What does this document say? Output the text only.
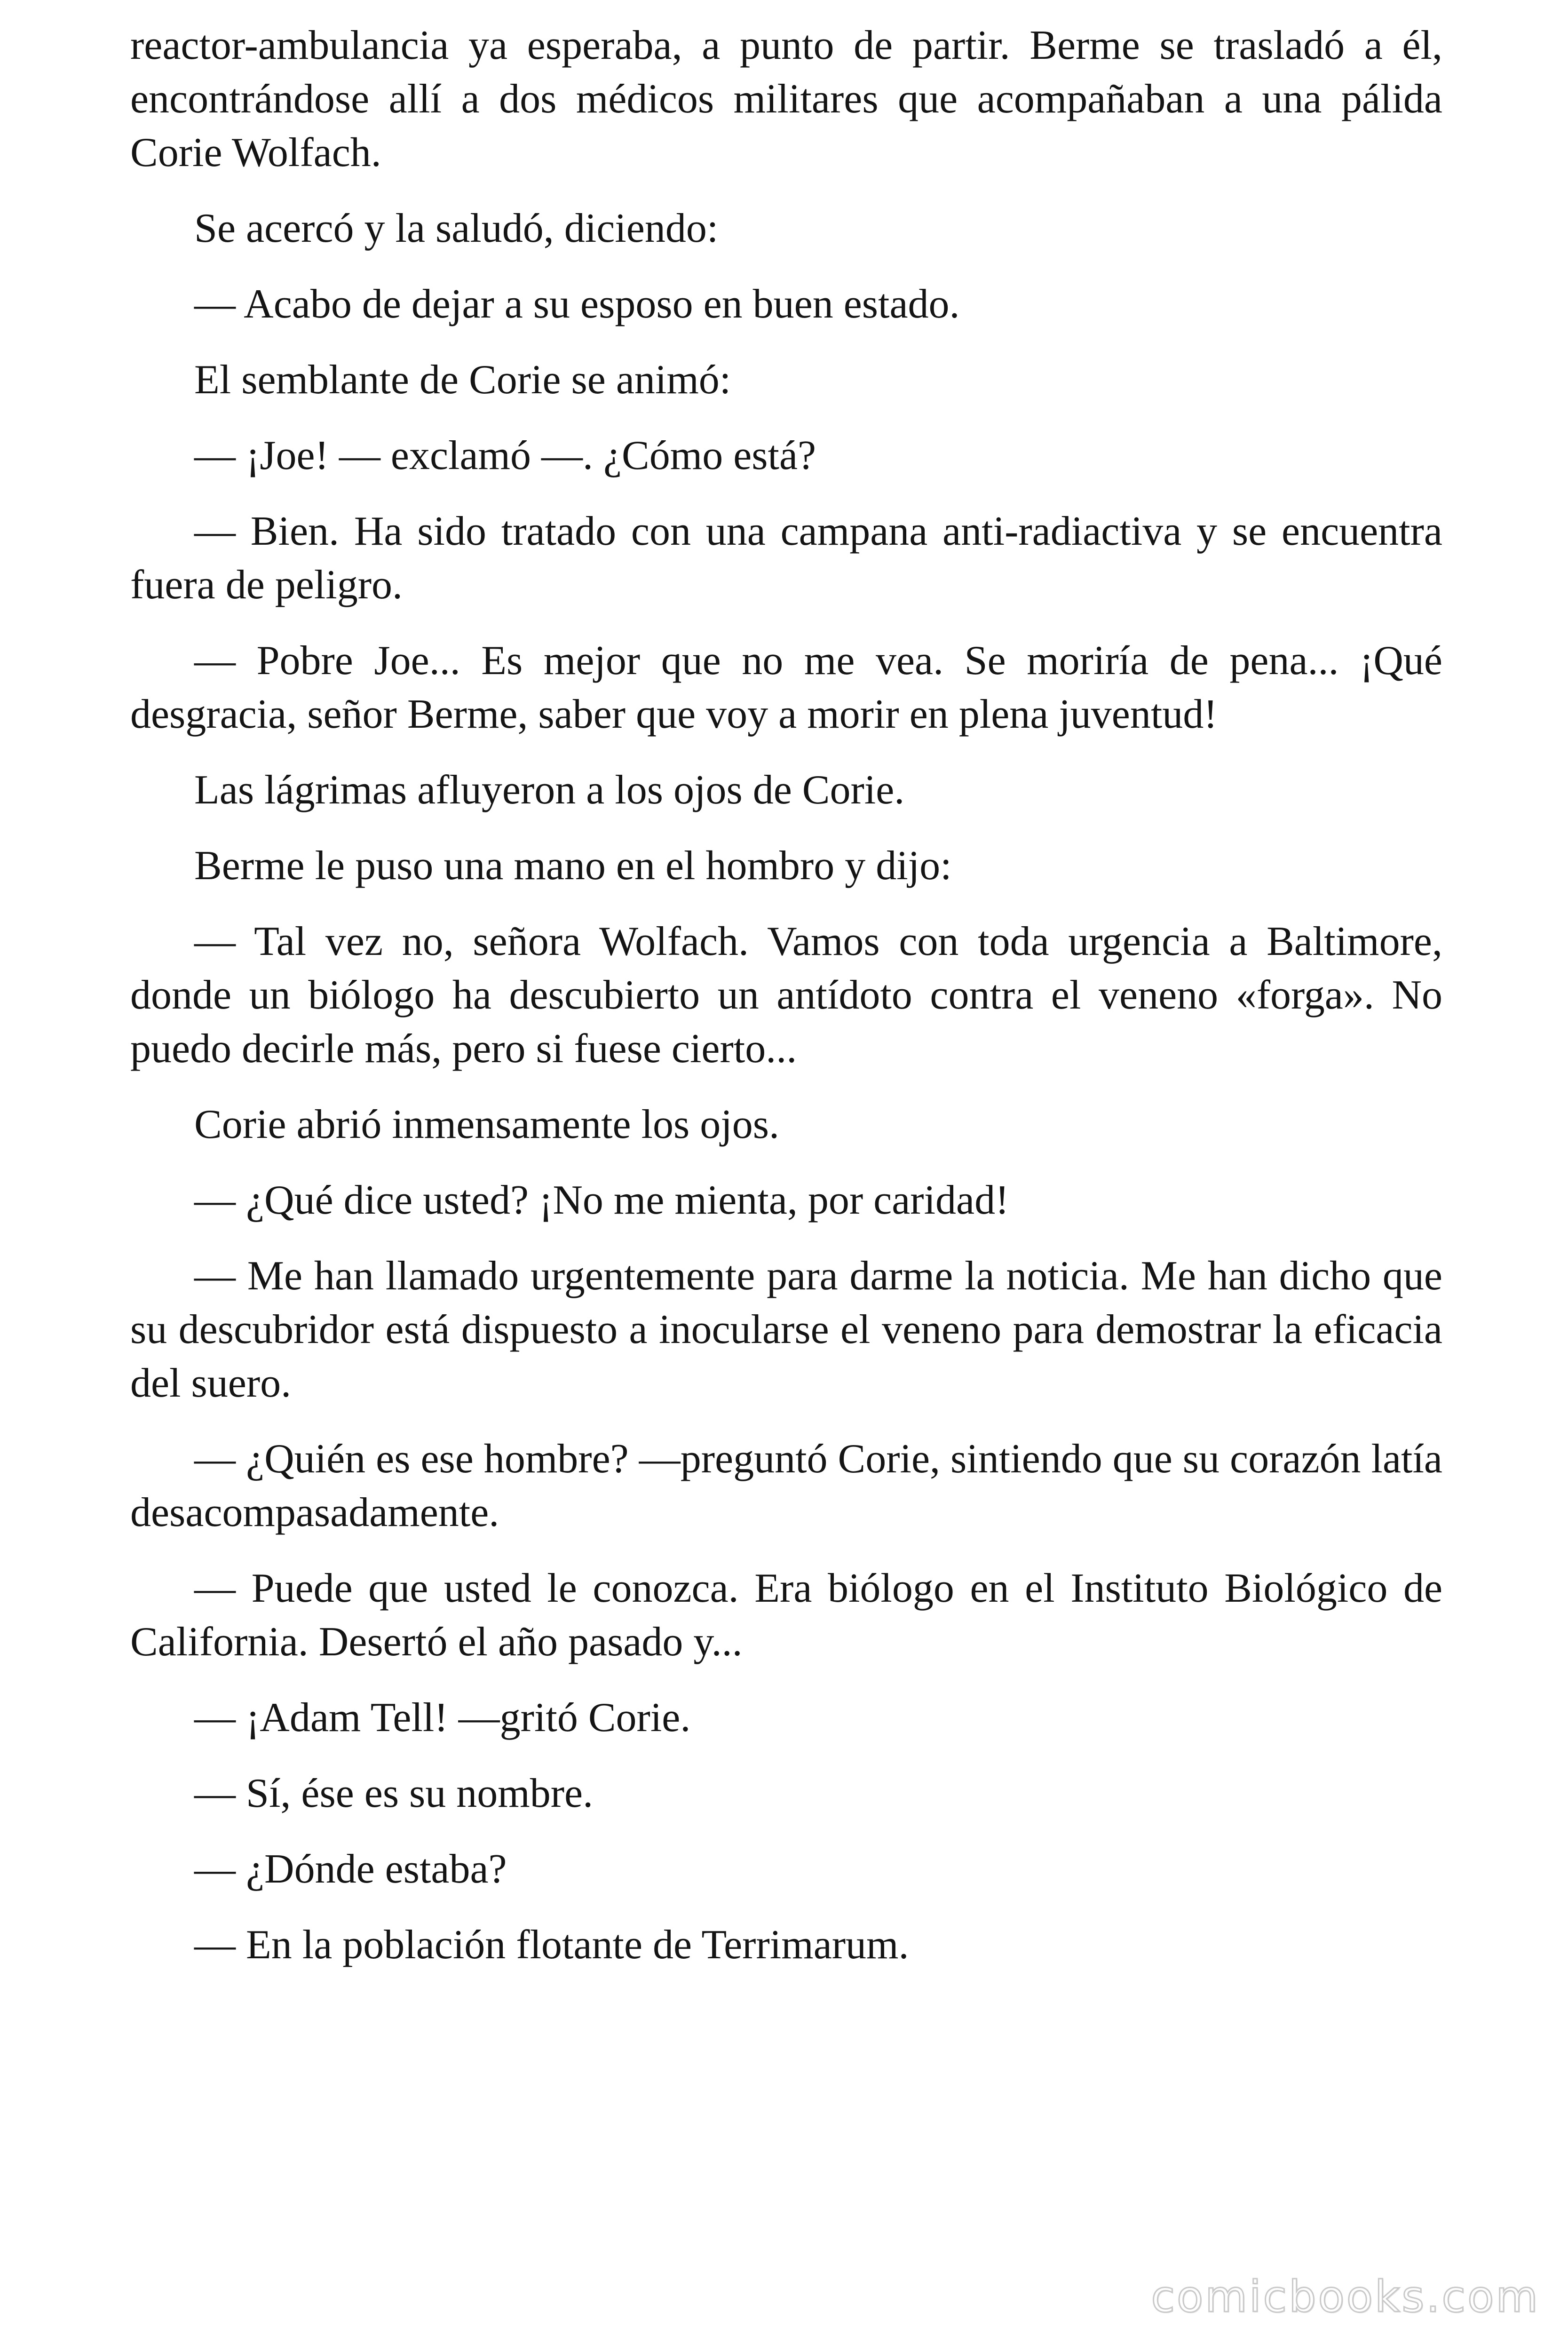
reactor-ambulancia ya esperaba, a punto de partir. Berme se trasladó a él, encontrándose allí a dos médicos militares que acompañaban a una pálida Corie Wolfach.

Se acercó y la saludó, diciendo:

— Acabo de dejar a su esposo en buen estado.

El semblante de Corie se animó:

— ¡Joe! — exclamó —. ¿Cómo está?

— Bien. Ha sido tratado con una campana anti-radiactiva y se encuentra fuera de peligro.

— Pobre Joe... Es mejor que no me vea. Se moriría de pena... ¡Qué desgracia, señor Berme, saber que voy a morir en plena juventud!

Las lágrimas afluyeron a los ojos de Corie.

Berme le puso una mano en el hombro y dijo:

— Tal vez no, señora Wolfach. Vamos con toda urgencia a Baltimore, donde un biólogo ha descubierto un antídoto contra el veneno «forga». No puedo decirle más, pero si fuese cierto...

Corie abrió inmensamente los ojos.

— ¿Qué dice usted? ¡No me mienta, por caridad!

— Me han llamado urgentemente para darme la noticia. Me han dicho que su descubridor está dispuesto a inocularse el veneno para demostrar la eficacia del suero.

— ¿Quién es ese hombre? —preguntó Corie, sintiendo que su corazón latía desacompasadamente.

— Puede que usted le conozca. Era biólogo en el Instituto Biológico de California. Desertó el año pasado y...

— ¡Adam Tell! —gritó Corie.

— Sí, ése es su nombre.

— ¿Dónde estaba?

— En la población flotante de Terrimarum.

comicbooks.com
